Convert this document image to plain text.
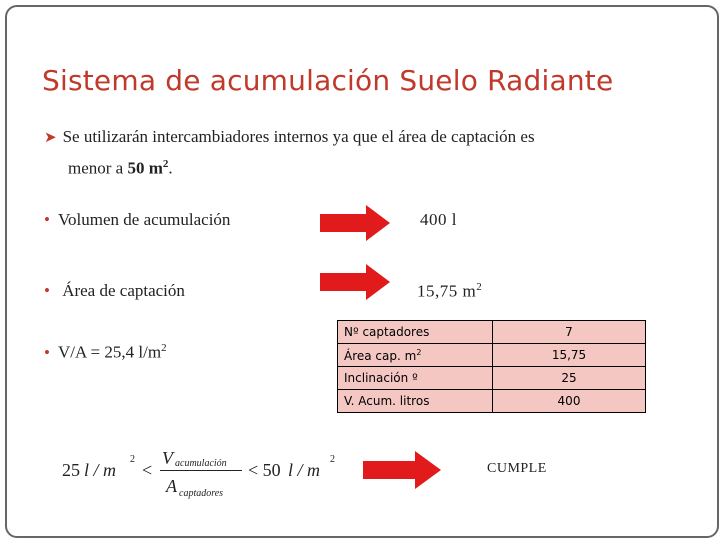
Sistema de acumulación Suelo Radiante
➤ Se utilizarán intercambiadores internos ya que el área de captación es
menor a 50 $m^2$.
• Volumen de acumulación	400 l
• Área de captación	15,75 $m^2$
• V/A = 25,4 $l/m^2$
Nº captadores	7
Área cap. $m^2$	15,75
Inclinación º	25
V. Acum. litros	400
25 l / m
2
<
V acumulación
A captadores
< 50 l / m
2
CUMPLE
